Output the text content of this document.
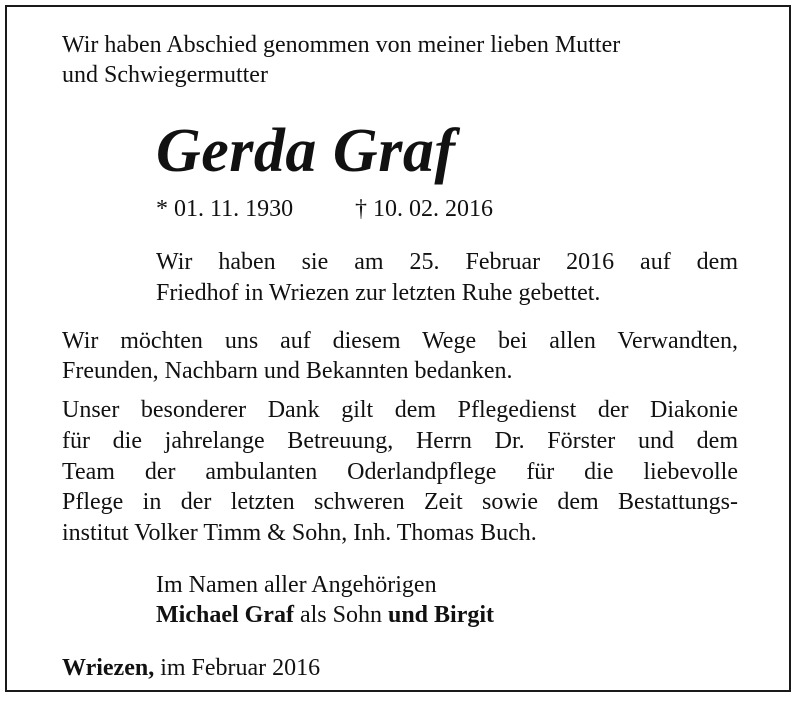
Wir haben Abschied genommen von meiner lieben Mutter

und Schwiegermutter

Gerda Graf

* 01. 11. 1930	† 10. 02. 2016

Wir haben sie am 25. Februar 2016 auf dem

Friedhof in Wriezen zur letzten Ruhe gebettet.

Wir möchten uns auf diesem Wege bei allen Verwandten,

Freunden, Nachbarn und Bekannten bedanken.

Unser besonderer Dank gilt dem Pflegedienst der Diakonie

für die jahrelange Betreuung, Herrn Dr. Förster und dem

Team der ambulanten Oderlandpflege für die liebevolle

Pflege in der letzten schweren Zeit sowie dem Bestattungs-

institut Volker Timm & Sohn, Inh. Thomas Buch.

Im Namen aller Angehörigen

Michael Graf als Sohn und Birgit

Wriezen, im Februar 2016
